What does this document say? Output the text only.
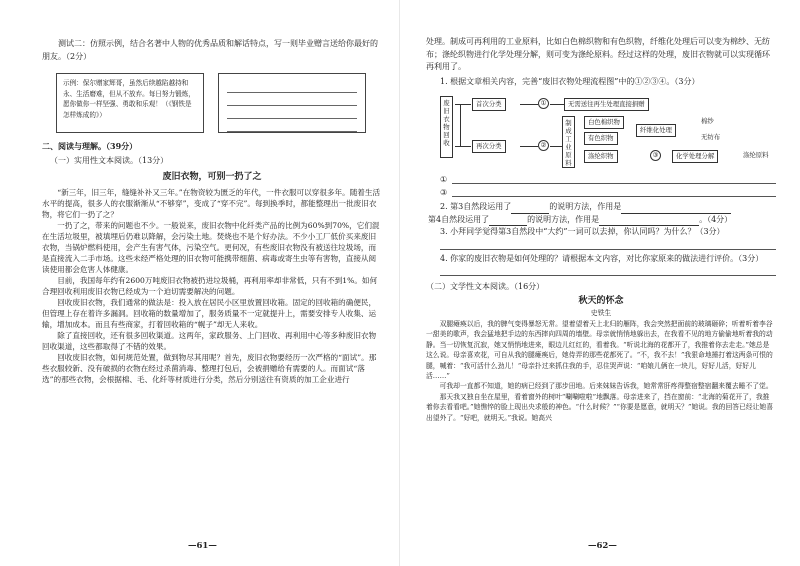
测试二：仿照示例，结合名著中人物的优秀品质和解话特点，写一则毕业赠言送给你最好的朋友。（2分）

示例：保尔赠家辉哥，虽然后续越陷越持和永、生活磨难，但从不放弃。每日努力锻炼，愿你做你一样坚强、勇敢和乐观！（《钢铁是怎样炼成的》）
二、阅读与理解。（39分）
（一）实用性文本阅读。（13分）
废旧衣物，可别一扔了之

“新三年，旧三年，缝缝补补又三年。”在物资较为匮乏的年代，一件衣服可以穿很多年。随着生活水平的提高，很多人的衣服渐渐从“不够穿”，变成了“穿不完”。每到换季时，都能整理出一批废旧衣物，将它们一扔了之？

一扔了之，带来的问题也不少。一般说来，废旧衣物中化纤类产品的比例为60%到70%，它们混在生活垃圾里，被填埋后仍难以降解，会污染土地。焚烧也不是个好办法。不少小工厂低价买来废旧衣物，当锅炉燃料使用，会产生有害气体，污染空气。更何况，有些废旧衣物没有被送往垃圾场，而是直接流入二手市场。这些未经严格处理的旧衣物可能携带细菌、病毒或寄生虫等有害物，直接从阅读使用都会危害人体健康。

目前，我国每年约有2600万吨废旧衣物被扔进垃圾桶，再利用率却非常低，只有不到1%。如何合理回收利用废旧衣物已经成为一个迫切需要解决的问题。

回收废旧衣物，我们通常的做法是：投入放在居民小区里放置回收箱。固定的回收箱的确便民，但管理上存在着许多漏洞。回收箱的数量增加了，服务质量不一定就提升上，需要安排专人收集、运输，增加成本。而且有些商家，打着回收箱的“幌子”却无人来收。

除了直接回收，还有很多回收渠道。这两年，家政服务、上门回收、再利用中心等多种废旧衣物回收渠道，这些都取得了不错的效果。

回收废旧衣物，如何规范处置，做到物尽其用呢？首先，废旧衣物要经历一次严格的“面试”。那些衣服较新、没有破损的衣物在经过杀菌消毒、整理打包后，会被捐赠给有需要的人。而面试“落选”的那些衣物，会根据棉、毛、化纤等材质进行分类，然后分别送往有资质的加工企业进行

—61—

处理。制成可再利用的工业原料，比如白色棉织物和有色织物，纤维化处理后可以变为棉纱、无纺布；涤纶织物进行化学处理分解，则可变为涤纶原料。经过这样的处理，废旧衣物就可以实现循环再利用了。

1. 根据文章相关内容，完善“废旧衣物处理流程图”中的①②③④。（3分）

废旧衣物回收
首次分类	①	无需送往再生处理直接捐赠
再次分类	②
制成工业原料
白色棉织物
有色织物
涤纶织物
纤维化处理
③
棉纱
无纺布
化学处理分解	涤纶原料
①
③

2. 第3自然段运用了	的说明方法，作用是

第4自然段运用了	的说明方法，作用是	。（4分）

3. 小拜同学觉得第3自然段中“大约”一词可以去掉，你认同吗？为什么？（3分）

4. 你家的废旧衣物是如何处理的？请根据本文内容，对比你家原来的做法进行评价。（3分）

（二）文学性文本阅读。（16分）
秋天的怀念
史铁生

双腿瘫痪以后，我的脾气变得暴怒无常。望着望着天上北归的雁阵，我会突然把面前的玻璃砸碎；听着听着李谷一甜美的歌声，我会猛地把手边的东西摔向四周的墙壁。母亲就悄悄地躲出去，在我看不见的地方偷偷地听着我的动静。当一切恢复沉寂，她又悄悄地进来，眼边儿红红的，看着我。“听说北海的花都开了，我推着你去走走。”她总是这么说。母亲喜欢花，可自从我的腿瘫痪后，她侍弄的那些花都死了。“不，我不去！”我狠命地捶打着这两条可恨的腿，喊着：“我可活什么劲儿！”母亲扑过来抓住我的手，忍住哭声说：“咱娘儿俩在一块儿，好好儿活，好好儿活……”

可我却一直都不知道，她的病已经到了那步田地。后来妹妹告诉我，她常常肝疼得整宿整宿翻来覆去睡不了觉。

那天我又独自坐在屋里，看着窗外的树叶“唰唰啦啦”地飘落。母亲进来了，挡在窗前：“北海的菊花开了，我推着你去看看吧。”她憔悴的脸上现出央求般的神色。“什么时候？”“你要是愿意，就明天？”她说。我的回答已经让她喜出望外了。“好吧，就明天。”我说。她高兴

—62—
